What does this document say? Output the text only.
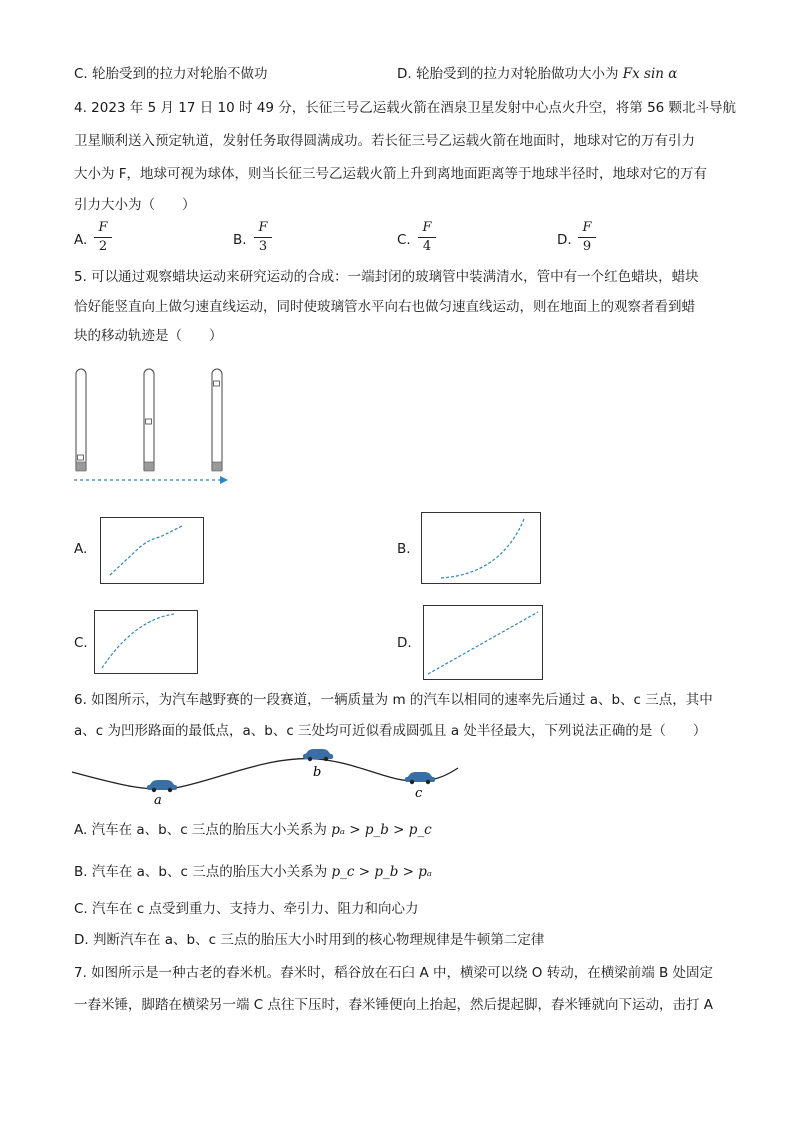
C. 轮胎受到的拉力对轮胎不做功	D. 轮胎受到的拉力对轮胎做功大小为 Fx sin α
4. 2023 年 5 月 17 日 10 时 49 分，长征三号乙运载火箭在酒泉卫星发射中心点火升空，将第 56 颗北斗导航
卫星顺利送入预定轨道，发射任务取得圆满成功。若长征三号乙运载火箭在地面时，地球对它的万有引力
大小为 F，地球可视为球体，则当长征三号乙运载火箭上升到离地面距离等于地球半径时，地球对它的万有
引力大小为（　　）
A.
F
2	B.
F
3	C.
F
4	D.
F
9
5. 可以通过观察蜡块运动来研究运动的合成：一端封闭的玻璃管中装满清水，管中有一个红色蜡块，蜡块
恰好能竖直向上做匀速直线运动，同时使玻璃管水平向右也做匀速直线运动，则在地面上的观察者看到蜡
块的移动轨迹是（　　）
A.	B.
C.	D.
6. 如图所示，为汽车越野赛的一段赛道，一辆质量为 m 的汽车以相同的速率先后通过 a、b、c 三点，其中
a、c 为凹形路面的最低点，a、b、c 三处均可近似看成圆弧且 a 处半径最大，下列说法正确的是（　　）
a
b
c
A. 汽车在 a、b、c 三点的胎压大小关系为 pₐ > p_b > p_c
B. 汽车在 a、b、c 三点的胎压大小关系为 p_c > p_b > pₐ
C. 汽车在 c 点受到重力、支持力、牵引力、阻力和向心力
D. 判断汽车在 a、b、c 三点的胎压大小时用到的核心物理规律是牛顿第二定律
7. 如图所示是一种古老的舂米机。舂米时，稻谷放在石臼 A 中，横梁可以绕 O 转动，在横梁前端 B 处固定
一舂米锤，脚踏在横梁另一端 C 点往下压时，舂米锤便向上抬起，然后提起脚，舂米锤就向下运动，击打 A
